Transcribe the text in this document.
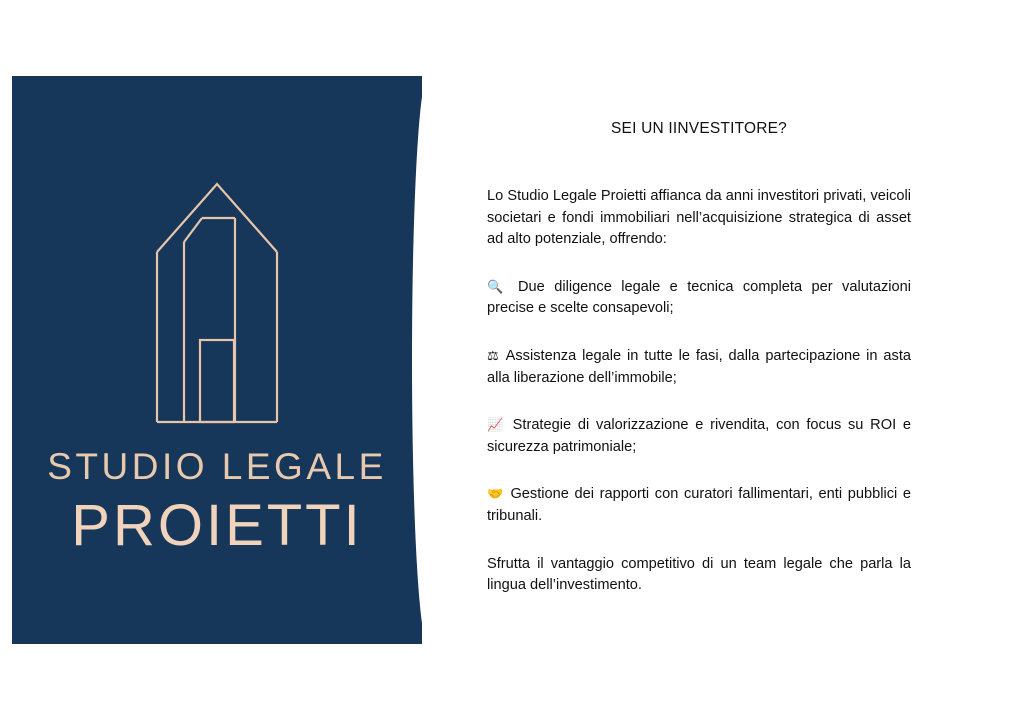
STUDIO LEGALE
PROIETTI
SEI UN IINVESTITORE?

Lo Studio Legale Proietti affianca da anni investitori privati, veicoli societari e fondi immobiliari nell’acquisizione strategica di asset ad alto potenziale, offrendo:

🔍 Due diligence legale e tecnica completa per valutazioni precise e scelte consapevoli;

⚖ Assistenza legale in tutte le fasi, dalla partecipazione in asta alla liberazione dell’immobile;

📈 Strategie di valorizzazione e rivendita, con focus su ROI e sicurezza patrimoniale;

🤝 Gestione dei rapporti con curatori fallimentari, enti pubblici e tribunali.

Sfrutta il vantaggio competitivo di un team legale che parla la lingua dell’investimento.
